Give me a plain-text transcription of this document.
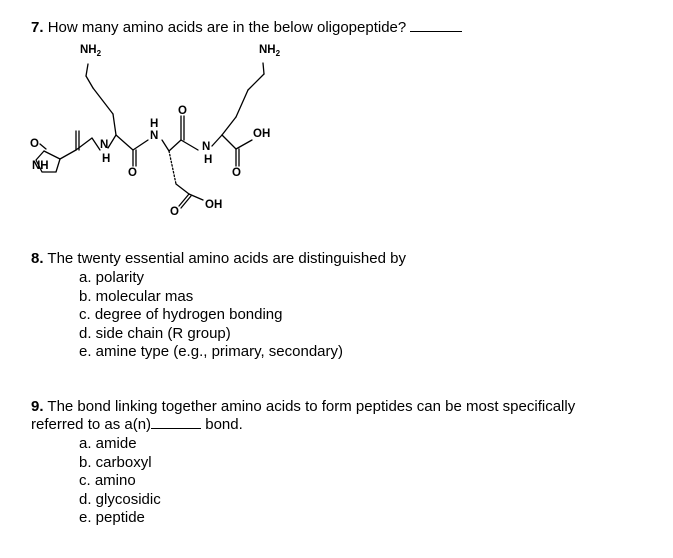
7. How many amino acids are in the below oligopeptide?
$NH_2$	$NH_2$
O
NH
N
H
O
H
N
O
N
H
OH
O
O
OH
8. The twenty essential amino acids are distinguished by
a. polarity
b. molecular mas
c. degree of hydrogen bonding
d. side chain (R group)
e. amine type (e.g., primary, secondary)
9. The bond linking together amino acids to form peptides can be most specifically
referred to as a(n)	bond.
a. amide
b. carboxyl
c. amino
d. glycosidic
e. peptide
